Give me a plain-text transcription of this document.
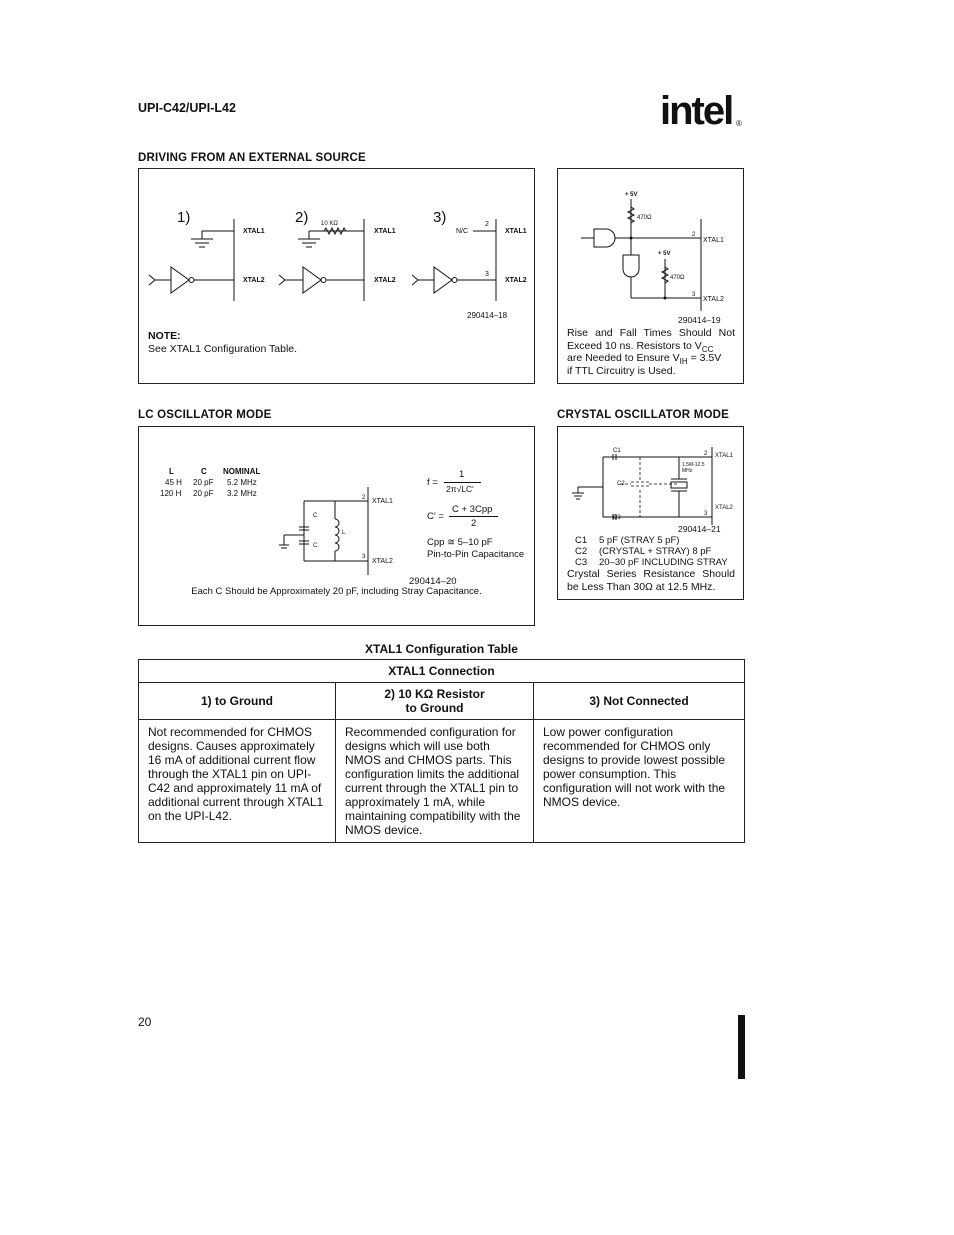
UPI-C42/UPI-L42	intel ®
DRIVING FROM AN EXTERNAL SOURCE
LC OSCILLATOR MODE	CRYSTAL OSCILLATOR MODE
1)	2)	3)
XTAL1
XTAL2
10 KΩ
XTAL1
XTAL2
N/C
2
3
XTAL1
XTAL2
290414–18
NOTE:
See XTAL1 Configuration Table.
+ 5V
470Ω
+ 5V
470Ω
2
3
XTAL1
XTAL2
290414–19
Rise and Fall Times Should Not
Exceed 10 ns. Resistors to $V_{CC}$
are Needed to Ensure $V_{IH} = 3.5V$
if TTL Circuitry is Used.
L	C NOMINAL
45 H 20 pF 5.2 MHz
120 H 20 pF 3.2 MHz
C
C
L
2
3
XTAL1
XTAL2
f =
1
2π√LC′
C′ =
C + 3Cpp
2
Cpp ≅ 5–10 pF
Pin-to-Pin Capacitance
290414–20
Each C Should be Approximately 20 pF, including Stray Capacitance.
C1
C2
C3
1.5M-12.5
MHz
2
3
XTAL1
XTAL2
290414–21
C1 5 pF (STRAY 5 pF)
C2 (CRYSTAL + STRAY) 8 pF
C3 20–30 pF INCLUDING STRAY
Crystal Series Resistance Should
be Less Than 30Ω at 12.5 MHz.
XTAL1 Configuration Table
XTAL1 Connection		
1) to Ground	2) 10 KΩ Resistor
to Ground	3) Not Connected
Not recommended for CHMOS designs. Causes approximately 16 mA of additional current flow through the XTAL1 pin on UPI-C42 and approximately 11 mA of additional current through XTAL1 on the UPI-L42.	Recommended configuration for designs which will use both NMOS and CHMOS parts. This configuration limits the additional current through the XTAL1 pin to approximately 1 mA, while maintaining compatibility with the NMOS device.	Low power configuration recommended for CHMOS only designs to provide lowest possible power consumption. This configuration will not work with the NMOS device.
20
